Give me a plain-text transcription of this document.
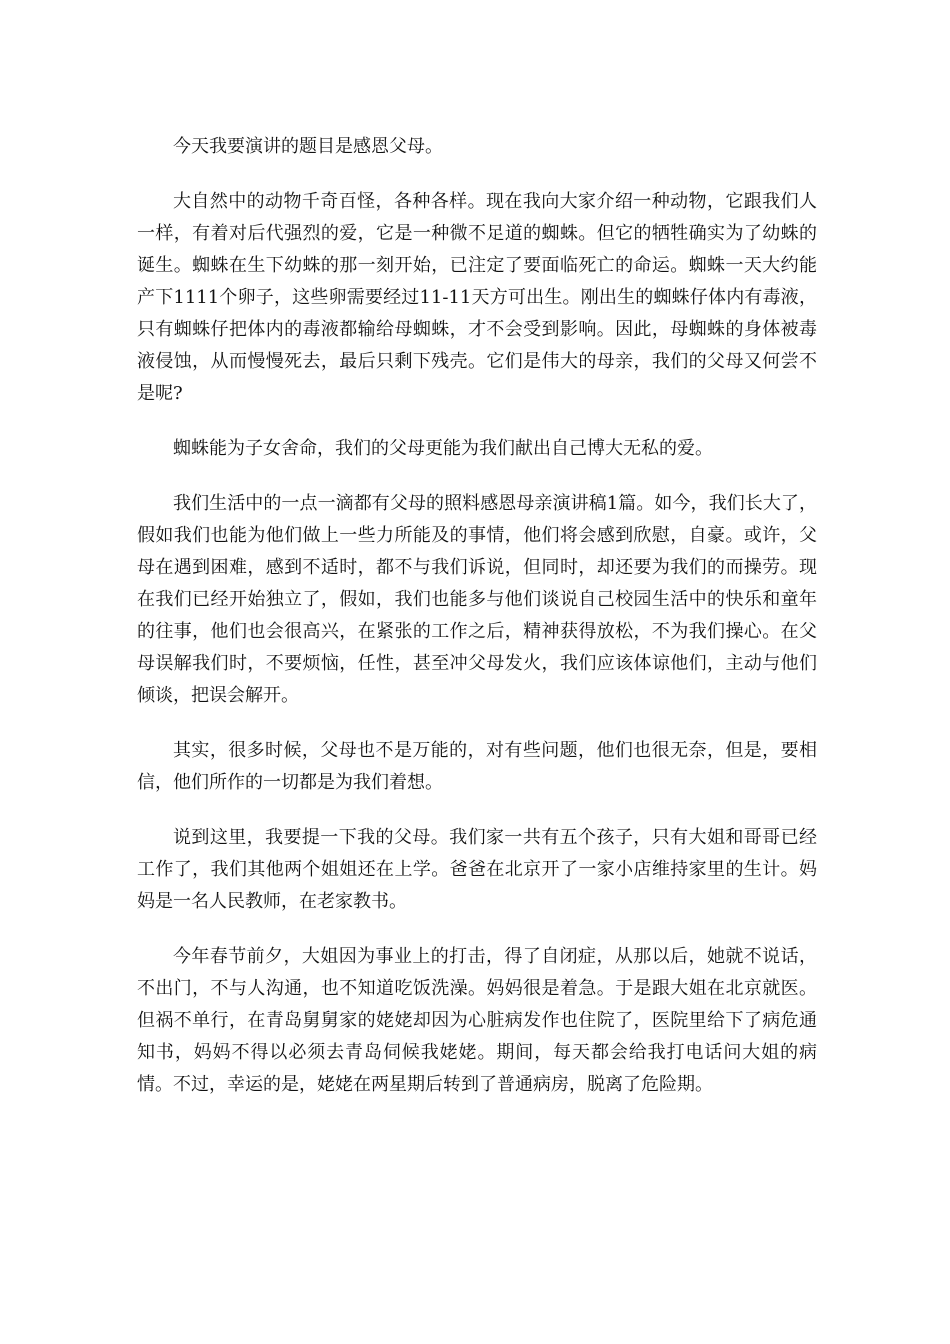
今天我要演讲的题目是感恩父母。

大自然中的动物千奇百怪，各种各样。现在我向大家介绍一种动物，它跟我们人一样，有着对后代强烈的爱，它是一种微不足道的蜘蛛。但它的牺牲确实为了幼蛛的诞生。蜘蛛在生下幼蛛的那一刻开始，已注定了要面临死亡的命运。蜘蛛一天大约能产下1111个卵子，这些卵需要经过11-11天方可出生。刚出生的蜘蛛仔体内有毒液，只有蜘蛛仔把体内的毒液都输给母蜘蛛，才不会受到影响。因此，母蜘蛛的身体被毒液侵蚀，从而慢慢死去，最后只剩下残壳。它们是伟大的母亲，我们的父母又何尝不是呢?

蜘蛛能为子女舍命，我们的父母更能为我们献出自己博大无私的爱。

我们生活中的一点一滴都有父母的照料感恩母亲演讲稿1篇。如今，我们长大了，假如我们也能为他们做上一些力所能及的事情，他们将会感到欣慰，自豪。或许，父母在遇到困难，感到不适时，都不与我们诉说，但同时，却还要为我们的而操劳。现在我们已经开始独立了，假如，我们也能多与他们谈说自己校园生活中的快乐和童年的往事，他们也会很高兴，在紧张的工作之后，精神获得放松，不为我们操心。在父母误解我们时，不要烦恼，任性，甚至冲父母发火，我们应该体谅他们，主动与他们倾谈，把误会解开。

其实，很多时候，父母也不是万能的，对有些问题，他们也很无奈，但是，要相信，他们所作的一切都是为我们着想。

说到这里，我要提一下我的父母。我们家一共有五个孩子，只有大姐和哥哥已经工作了，我们其他两个姐姐还在上学。爸爸在北京开了一家小店维持家里的生计。妈妈是一名人民教师，在老家教书。

今年春节前夕，大姐因为事业上的打击，得了自闭症，从那以后，她就不说话，不出门，不与人沟通，也不知道吃饭洗澡。妈妈很是着急。于是跟大姐在北京就医。但祸不单行，在青岛舅舅家的姥姥却因为心脏病发作也住院了，医院里给下了病危通知书，妈妈不得以必须去青岛伺候我姥姥。期间，每天都会给我打电话问大姐的病情。不过，幸运的是，姥姥在两星期后转到了普通病房，脱离了危险期。
